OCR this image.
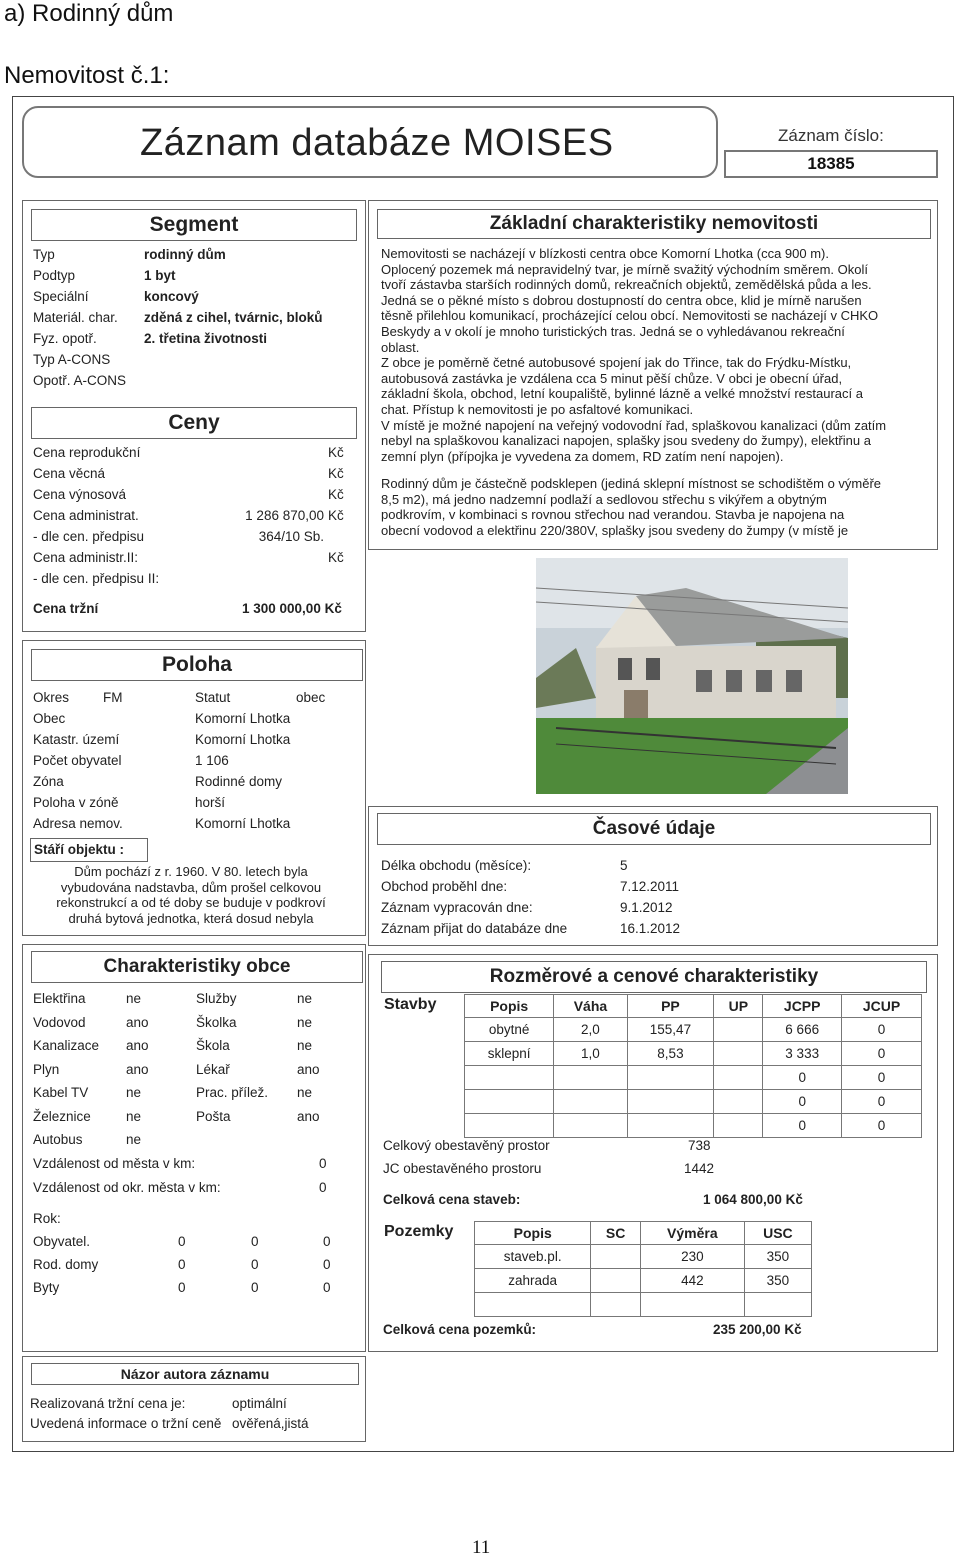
a) Rodinný dům
Nemovitost č.1:
Záznam databáze MOISES	Záznam číslo:
18385
Segment
Ceny
Typ	rodinný dům
Podtyp	1 byt
Speciální	koncový
Materiál. char. zděná z cihel, tvárnic, bloků
Fyz. opotř.	2. třetina životnosti
Typ A-CONS
Opotř. A-CONS
Cena reprodukční	Kč
Cena věcná	Kč
Cena výnosová	Kč
Cena administrat.	1 286 870,00 Kč
- dle cen. předpisu	364/10 Sb.
Cena administr.II:	Kč
- dle cen. předpisu II:
Cena tržní	1 300 000,00 Kč
Základní charakteristiky nemovitosti
Nemovitosti se nacházejí v blízkosti centra obce Komorní Lhotka (cca 900 m).
Oplocený pozemek má nepravidelný tvar, je mírně svažitý východním směrem. Okolí
tvoří zástavba starších rodinných domů, rekreačních objektů, zemědělská půda a les.
Jedná se o pěkné místo s dobrou dostupností do centra obce, klid je mírně narušen
těsně přilehlou komunikací, procházející celou obcí. Nemovitosti se nacházejí v CHKO
Beskydy a v okolí je mnoho turistických tras. Jedná se o vyhledávanou rekreační
oblast.
Z obce je poměrně četné autobusové spojení jak do Třince, tak do Frýdku-Místku,
autobusová zastávka je vzdálena cca 5 minut pěší chůze. V obci je obecní úřad,
základní škola, obchod, letní koupaliště, bylinné lázně a velké množství restaurací a
chat. Přístup k nemovitosti je po asfaltové komunikaci.
V místě je možné napojení na veřejný vodovodní řad, splaškovou kanalizaci (dům zatím
nebyl na splaškovou kanalizaci napojen, splašky jsou svedeny do žumpy), elektřinu a
zemní plyn (přípojka je vyvedena za domem, RD zatím není napojen).
Rodinný dům je částečně podsklepen (jediná sklepní místnost se schodištěm o výměře
8,5 m2), má jedno nadzemní podlaží a sedlovou střechu s vikýřem a obytným
podkrovím, v kombinaci s rovnou střechou nad verandou. Stavba je napojena na
obecní vodovod a elektřinu 220/380V, splašky jsou svedeny do žumpy (v místě je
Poloha
Okres	FM	Statut	obec
Obec	Komorní Lhotka
Katastr. území	Komorní Lhotka
Počet obyvatel	1 106
Zóna	Rodinné domy
Poloha v zóně	horší
Adresa nemov.	Komorní Lhotka
Stáří objektu :
Dům pochází z r. 1960. V 80. letech byla
vybudována nadstavba, dům prošel celkovou
rekonstrukcí a od té doby se buduje v podkroví
druhá bytová jednotka, která dosud nebyla
Časové údaje
Délka obchodu (měsíce):	5
Obchod proběhl dne:	7.12.2011
Záznam vypracován dne:	9.1.2012
Záznam přijat do databáze dne	16.1.2012
Charakteristiky obce
Elektřina	ne	Služby	ne
Vodovod	ano	Školka	ne
Kanalizace ano	Škola	ne
Plyn	ano	Lékař	ano
Kabel TV	ne	Prac. přílež. ne
Železnice	ne	Pošta	ano
Autobus	ne
Vzdálenost od města v km:	0
Vzdálenost od okr. města v km:	0
Rok:
Obyvatel.	0	0	0
Rod. domy	0	0	0
Byty	0	0	0
Rozměrové a cenové charakteristiky
Stavby	Popis	Váha	PP	UP	JCPP	JCUP
obytné	2,0	155,47		6 666	0
sklepní	1,0	8,53		3 333	0
				0	0
				0	0
				0	0
Celkový obestavěný prostor	738
JC obestavěného prostoru	1442
Celková cena staveb:	1 064 800,00 Kč
Pozemky	Popis	SC	Výměra	USC
staveb.pl.		230	350
zahrada		442	350

Celková cena pozemků:	235 200,00 Kč
Názor autora záznamu
Realizovaná tržní cena je:	optimální
Uvedená informace o tržní ceně ověřená,jistá
11
